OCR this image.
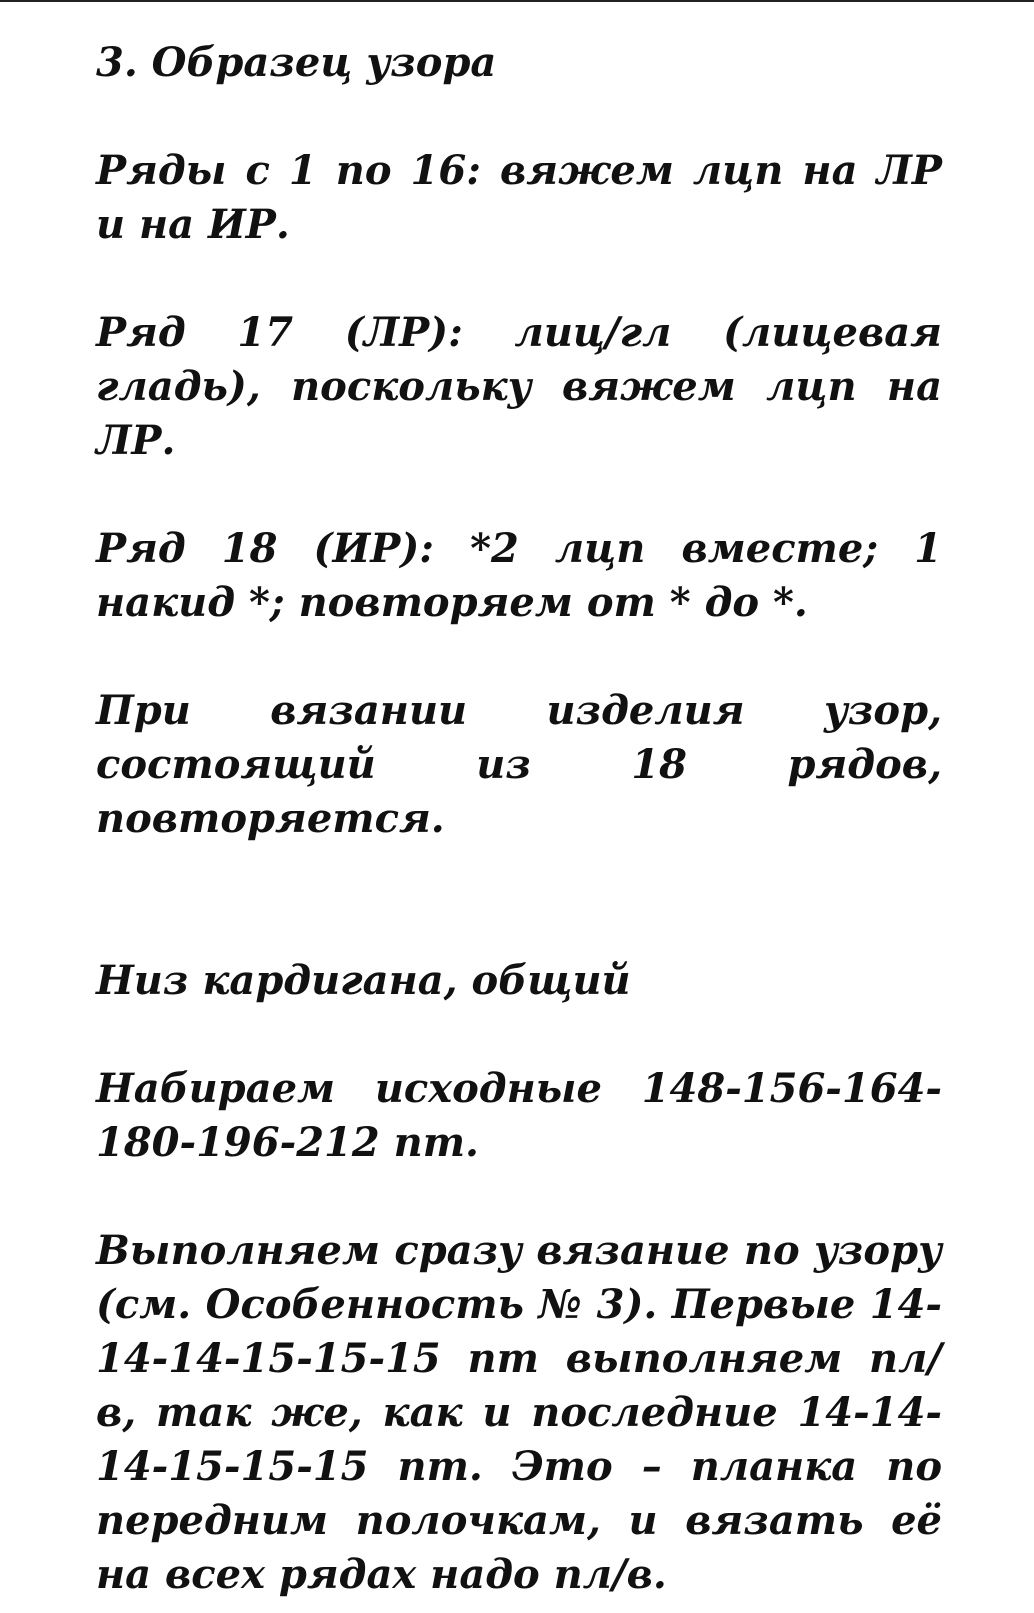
3. Образец узора

Ряды с 1 по 16: вяжем лцп на ЛР и на ИР.

Ряд 17 (ЛР): лиц/гл (лицевая гладь), поскольку вяжем лцп на ЛР.

Ряд 18 (ИР): *2 лцп вместе; 1 накид *; повторяем от * до *.

При вязании изделия узор, состоящий из 18 рядов, повторяется.

Низ кардигана, общий

Набираем исходные 148-156-164-180-196-212 пт.

Выполняем сразу вязание по узору (см. Особенность № 3). Первые 14-14-14-15-15-15 пт выполняем пл/в, так же, как и последние 14-14-14-15-15-15 пт. Это – планка по передним полочкам, и вязать её на всех рядах надо пл/в.
